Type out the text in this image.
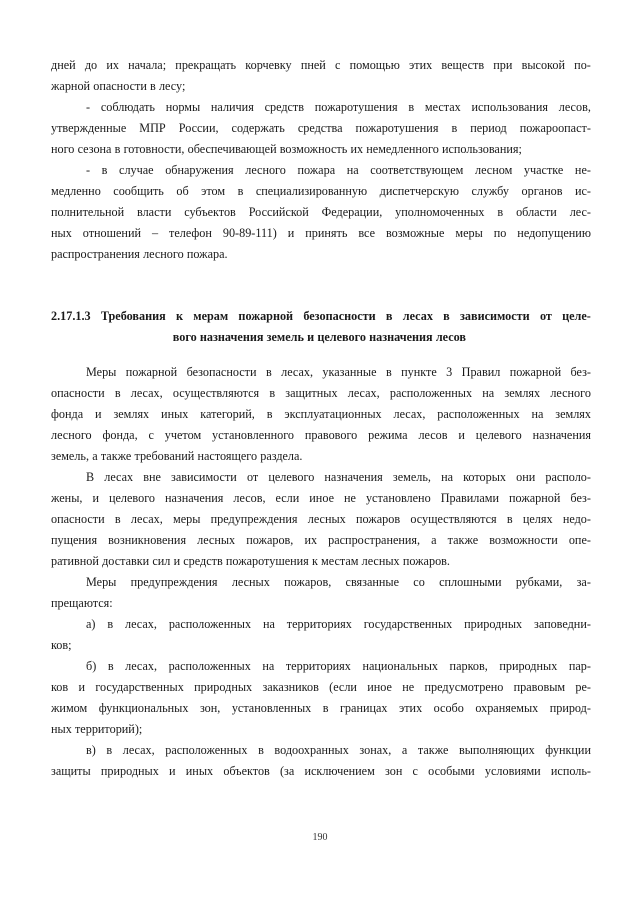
дней до их начала; прекращать корчевку пней с помощью этих веществ при высокой по-
жарной опасности в лесу;
- соблюдать нормы наличия средств пожаротушения в местах использования лесов,
утвержденные МПР России, содержать средства пожаротушения в период пожароопаст-
ного сезона в готовности, обеспечивающей возможность их немедленного использования;
- в случае обнаружения лесного пожара на соответствующем лесном участке не-
медленно сообщить об этом в специализированную диспетчерскую службу органов ис-
полнительной власти субъектов Российской Федерации, уполномоченных в области лес-
ных отношений – телефон 90-89-111) и принять все возможные меры по недопущению
распространения лесного пожара.
2.17.1.3 Требования к мерам пожарной безопасности в лесах в зависимости от целе-
вого назначения земель и целевого назначения лесов
Меры пожарной безопасности в лесах, указанные в пункте 3 Правил пожарной без-
опасности в лесах, осуществляются в защитных лесах, расположенных на землях лесного
фонда и землях иных категорий, в эксплуатационных лесах, расположенных на землях
лесного фонда, с учетом установленного правового режима лесов и целевого назначения
земель, а также требований настоящего раздела.
В лесах вне зависимости от целевого назначения земель, на которых они располо-
жены, и целевого назначения лесов, если иное не установлено Правилами пожарной без-
опасности в лесах, меры предупреждения лесных пожаров осуществляются в целях недо-
пущения возникновения лесных пожаров, их распространения, а также возможности опе-
ративной доставки сил и средств пожаротушения к местам лесных пожаров.
Меры предупреждения лесных пожаров, связанные со сплошными рубками, за-
прещаются:
а) в лесах, расположенных на территориях государственных природных заповедни-
ков;
б) в лесах, расположенных на территориях национальных парков, природных пар-
ков и государственных природных заказников (если иное не предусмотрено правовым ре-
жимом функциональных зон, установленных в границах этих особо охраняемых природ-
ных территорий);
в) в лесах, расположенных в водоохранных зонах, а также выполняющих функции
защиты природных и иных объектов (за исключением зон с особыми условиями исполь-
190
